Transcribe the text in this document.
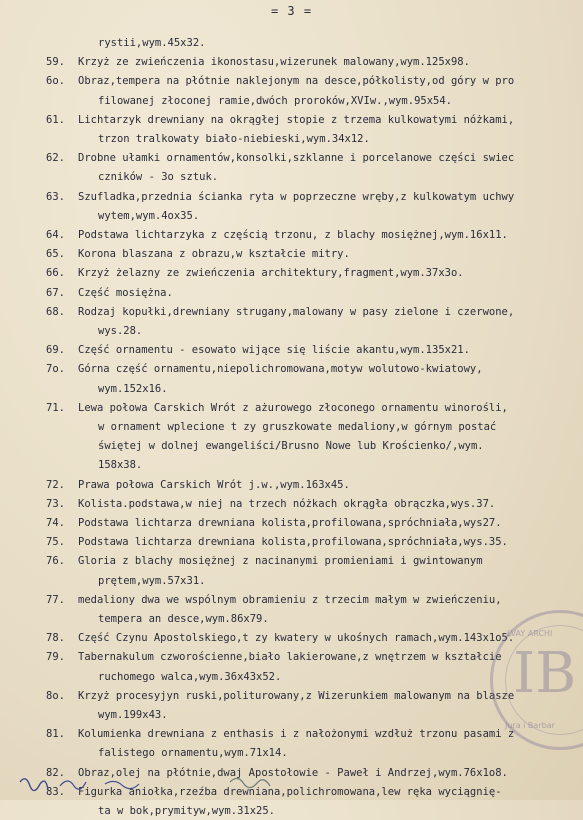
= 3 =
rystii,wym.45x32.
59.	Krzyż ze zwieńczenia ikonostasu,wizerunek malowany,wym.125x98.
6o.	Obraz,tempera na płótnie naklejonym na desce,półkolisty,od góry w pro
filowanej złoconej ramie,dwóch proroków,XVIw.,wym.95x54.
61.	Lichtarzyk drewniany na okrągłej stopie z trzema kulkowatymi nóżkami,
trzon tralkowaty biało-niebieski,wym.34x12.
62.	Drobne ułamki ornamentów,konsolki,szklanne i porcelanowe części swiec
czników - 3o sztuk.
63.	Szufladka,przednia ścianka ryta w poprzeczne wręby,z kulkowatym uchwy
wytem,wym.4ox35.
64.	Podstawa lichtarzyka z częścią trzonu, z blachy mosiężnej,wym.16x11.
65.	Korona blaszana z obrazu,w kształcie mitry.
66.	Krzyż żelazny ze zwieńczenia architektury,fragment,wym.37x3o.
67.	Część mosiężna.
68.	Rodzaj kopułki,drewniany strugany,malowany w pasy zielone i czerwone,
wys.28.
69.	Część ornamentu - esowato wijące się liście akantu,wym.135x21.
7o.	Górna część ornamentu,niepolichromowana,motyw wolutowo-kwiatowy,
wym.152x16.
71.	Lewa połowa Carskich Wrót z ażurowego złoconego ornamentu winorośli,
w ornament wplecione t zy gruszkowate medaliony,w górnym postać
świętej w dolnej ewangeliści/Brusno Nowe lub Krościenko/,wym.
158x38.
72.	Prawa połowa Carskich Wrót j.w.,wym.163x45.
73.	Kolista.podstawa,w niej na trzech nóżkach okrągła obrączka,wys.37.
74.	Podstawa lichtarza drewniana kolista,profilowana,spróchniała,wys27.
75.	Podstawa lichtarza drewniana kolista,profilowana,spróchniała,wys.35.
76.	Gloria z blachy mosiężnej z nacinanymi promieniami i gwintowanym
prętem,wym.57x31.
77.	medaliony dwa we wspólnym obramieniu z trzecim małym w zwieńczeniu,
tempera an desce,wym.86x79.
78.	Część Czynu Apostolskiego,t zy kwatery w ukośnych ramach,wym.143x1o5.
79.	Tabernakulum czworościenne,biało lakierowane,z wnętrzem w kształcie
ruchomego walca,wym.36x43x52.
8o.	Krzyż procesyjyn ruski,politurowany,z Wizerunkiem malowanym na blasze
wym.199x43.
81.	Kolumienka drewniana z enthasis i z nałożonymi wzdłuż trzonu pasami z
falistego ornamentu,wym.71x14.
82.	Obraz,olej na płótnie,dwaj Apostołowie - Paweł i Andrzej,wym.76x1o8.
83.	Figurka aniołka,rzeźba drewniana,polichromowana,lew ręka wyciągnię-
ta w bok,prymityw,wym.31x25.
LVAY ARCHI
IB
Jura i Barbar
